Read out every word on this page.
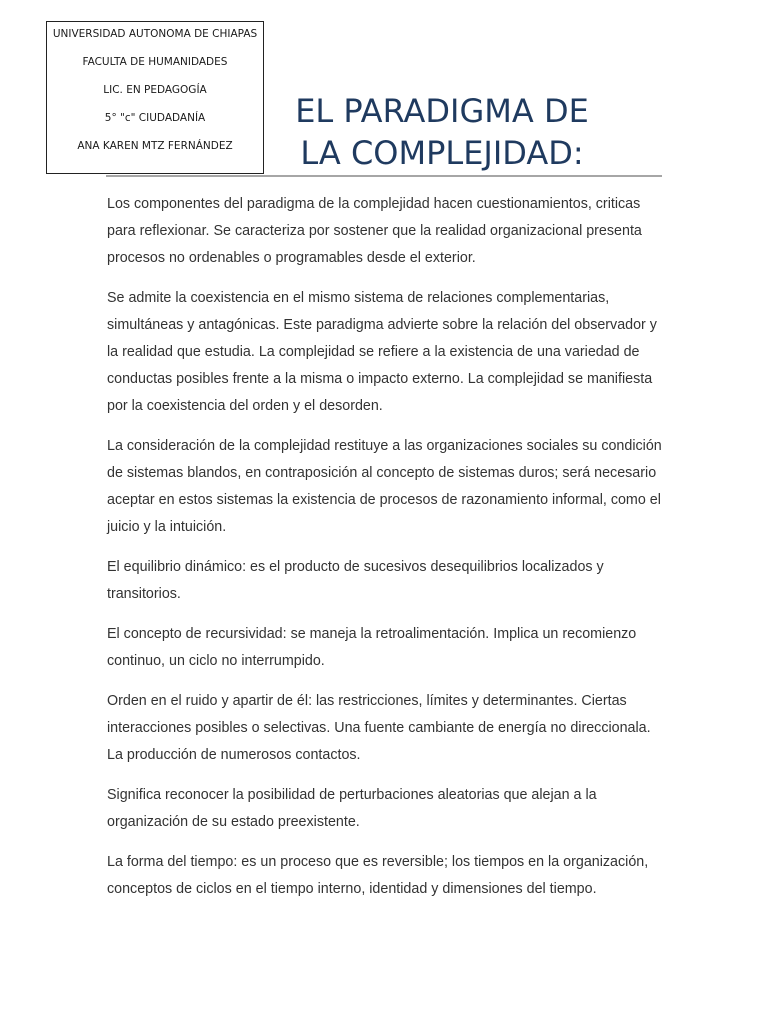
UNIVERSIDAD AUTONOMA DE CHIAPAS

FACULTA DE HUMANIDADES

LIC. EN PEDAGOGÍA

5° "c" CIUDADANÍA

ANA KAREN MTZ FERNÁNDEZ

EL PARADIGMA DE LA COMPLEJIDAD:

Los componentes del paradigma de la complejidad hacen cuestionamientos, criticas para reflexionar. Se caracteriza por sostener que la realidad organizacional presenta procesos no ordenables o programables desde el exterior.

Se admite la coexistencia en el mismo sistema de relaciones complementarias, simultáneas y antagónicas. Este paradigma advierte sobre la relación del observador y la realidad que estudia. La complejidad se refiere a la existencia de una variedad de conductas posibles frente a la misma o impacto externo. La complejidad se manifiesta por la coexistencia del orden y el desorden.

La consideración de la complejidad restituye a las organizaciones sociales su condición de sistemas blandos, en contraposición al concepto de sistemas duros; será necesario aceptar en estos sistemas la existencia de procesos de razonamiento informal, como el juicio y la intuición.

El equilibrio dinámico: es el producto de sucesivos desequilibrios localizados y transitorios.

El concepto de recursividad: se maneja la retroalimentación. Implica un recomienzo continuo, un ciclo no interrumpido.

Orden en el ruido y apartir de él: las restricciones, límites y determinantes. Ciertas interacciones posibles o selectivas. Una fuente cambiante de energía no direccionala. La producción de numerosos contactos.

Significa reconocer la posibilidad de perturbaciones aleatorias que alejan a la organización de su estado preexistente.

La forma del tiempo: es un proceso que es reversible; los tiempos en la organización, conceptos de ciclos en el tiempo interno, identidad y dimensiones del tiempo.
